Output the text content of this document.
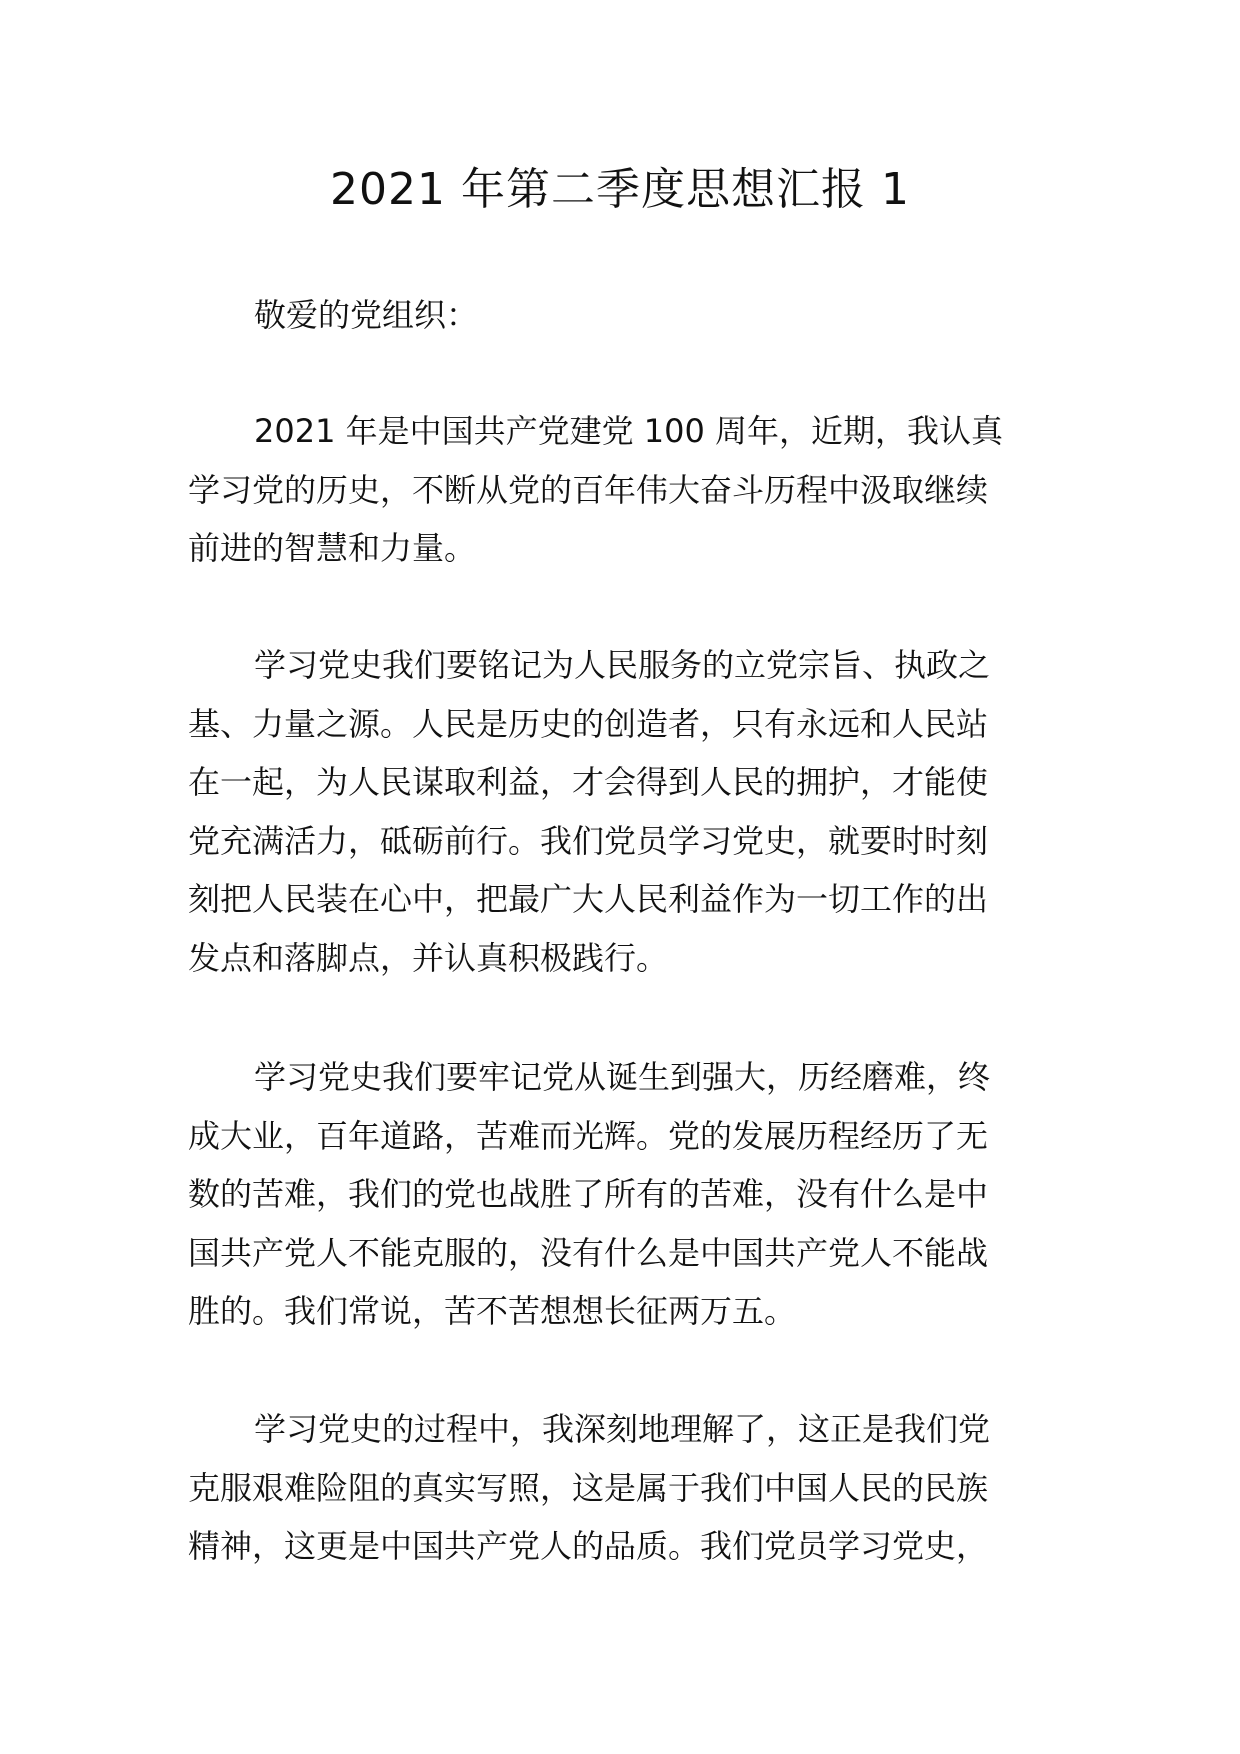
2021 年第二季度思想汇报 1

敬爱的党组织：

2021 年是中国共产党建党 100 周年，近期，我认真
学习党的历史，不断从党的百年伟大奋斗历程中汲取继续
前进的智慧和力量。
学习党史我们要铭记为人民服务的立党宗旨、执政之
基、力量之源。人民是历史的创造者，只有永远和人民站
在一起，为人民谋取利益，才会得到人民的拥护，才能使
党充满活力，砥砺前行。我们党员学习党史，就要时时刻
刻把人民装在心中，把最广大人民利益作为一切工作的出
发点和落脚点，并认真积极践行。
学习党史我们要牢记党从诞生到强大，历经磨难，终
成大业，百年道路，苦难而光辉。党的发展历程经历了无
数的苦难，我们的党也战胜了所有的苦难，没有什么是中
国共产党人不能克服的，没有什么是中国共产党人不能战
胜的。我们常说，苦不苦想想长征两万五。
学习党史的过程中，我深刻地理解了，这正是我们党
克服艰难险阻的真实写照，这是属于我们中国人民的民族
精神，这更是中国共产党人的品质。我们党员学习党史，
